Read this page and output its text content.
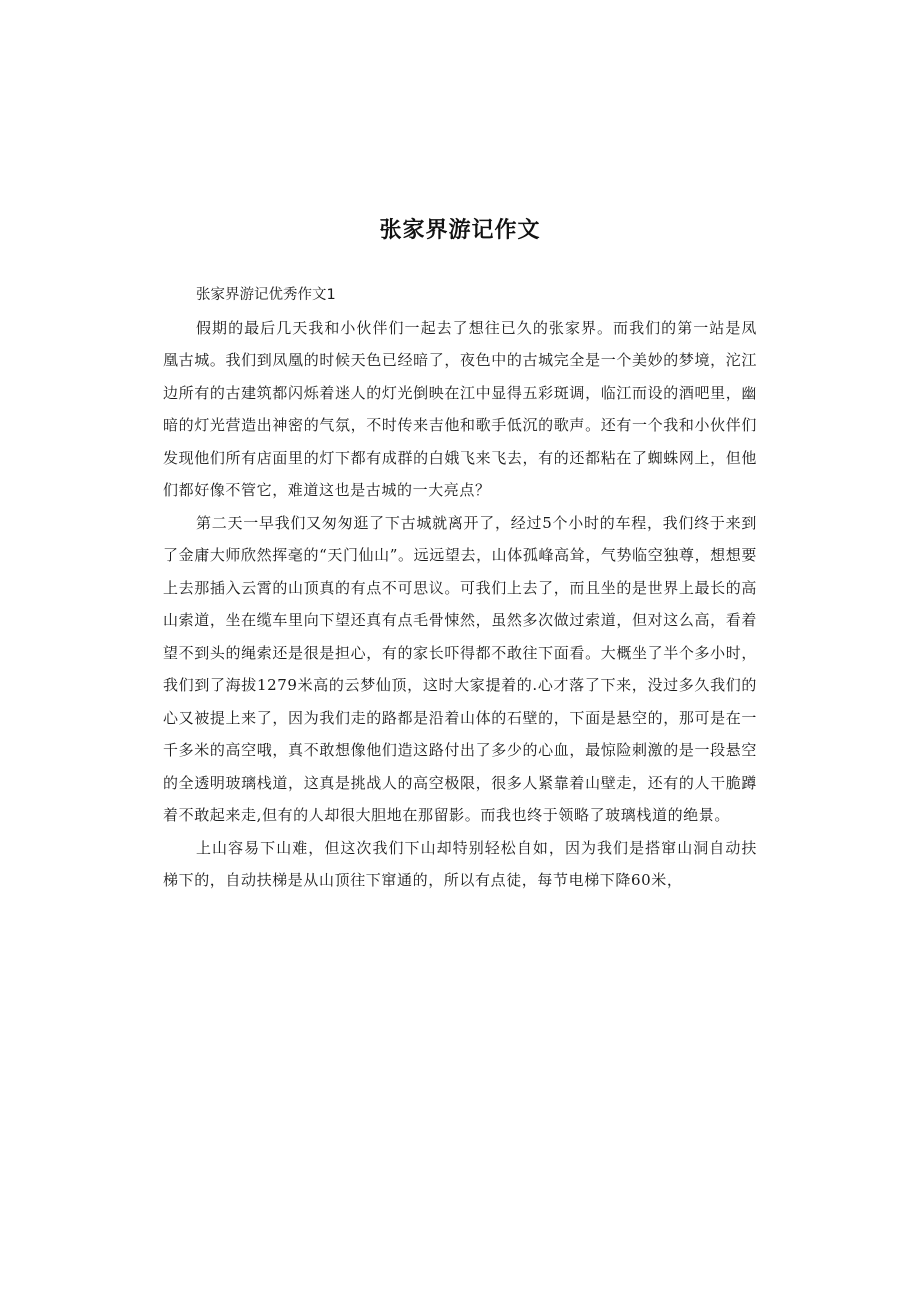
张家界游记作文

张家界游记优秀作文1

假期的最后几天我和小伙伴们一起去了想往已久的张家界。而我们的第一站是凤凰古城。我们到凤凰的时候天色已经暗了，夜色中的古城完全是一个美妙的梦境，沱江边所有的古建筑都闪烁着迷人的灯光倒映在江中显得五彩斑调，临江而设的酒吧里，幽暗的灯光营造出神密的气氛，不时传来吉他和歌手低沉的歌声。还有一个我和小伙伴们发现他们所有店面里的灯下都有成群的白娥飞来飞去，有的还都粘在了蜘蛛网上，但他们都好像不管它，难道这也是古城的一大亮点？

第二天一早我们又匆匆逛了下古城就离开了，经过5个小时的车程，我们终于来到了金庸大师欣然挥毫的“天门仙山”。远远望去，山体孤峰高耸，气势临空独尊，想想要上去那插入云霄的山顶真的有点不可思议。可我们上去了，而且坐的是世界上最长的高山索道，坐在缆车里向下望还真有点毛骨悚然，虽然多次做过索道，但对这么高，看着望不到头的绳索还是很是担心，有的家长吓得都不敢往下面看。大概坐了半个多小时，我们到了海拔1279米高的云梦仙顶，这时大家提着的.心才落了下来，没过多久我们的心又被提上来了，因为我们走的路都是沿着山体的石壁的，下面是悬空的，那可是在一千多米的高空哦，真不敢想像他们造这路付出了多少的心血，最惊险刺激的是一段悬空的全透明玻璃栈道，这真是挑战人的高空极限，很多人紧靠着山壁走，还有的人干脆蹲着不敢起来走,但有的人却很大胆地在那留影。而我也终于领略了玻璃栈道的绝景。

上山容易下山难，但这次我们下山却特别轻松自如，因为我们是搭窜山洞自动扶梯下的，自动扶梯是从山顶往下窜通的，所以有点徒，每节电梯下降60米，
